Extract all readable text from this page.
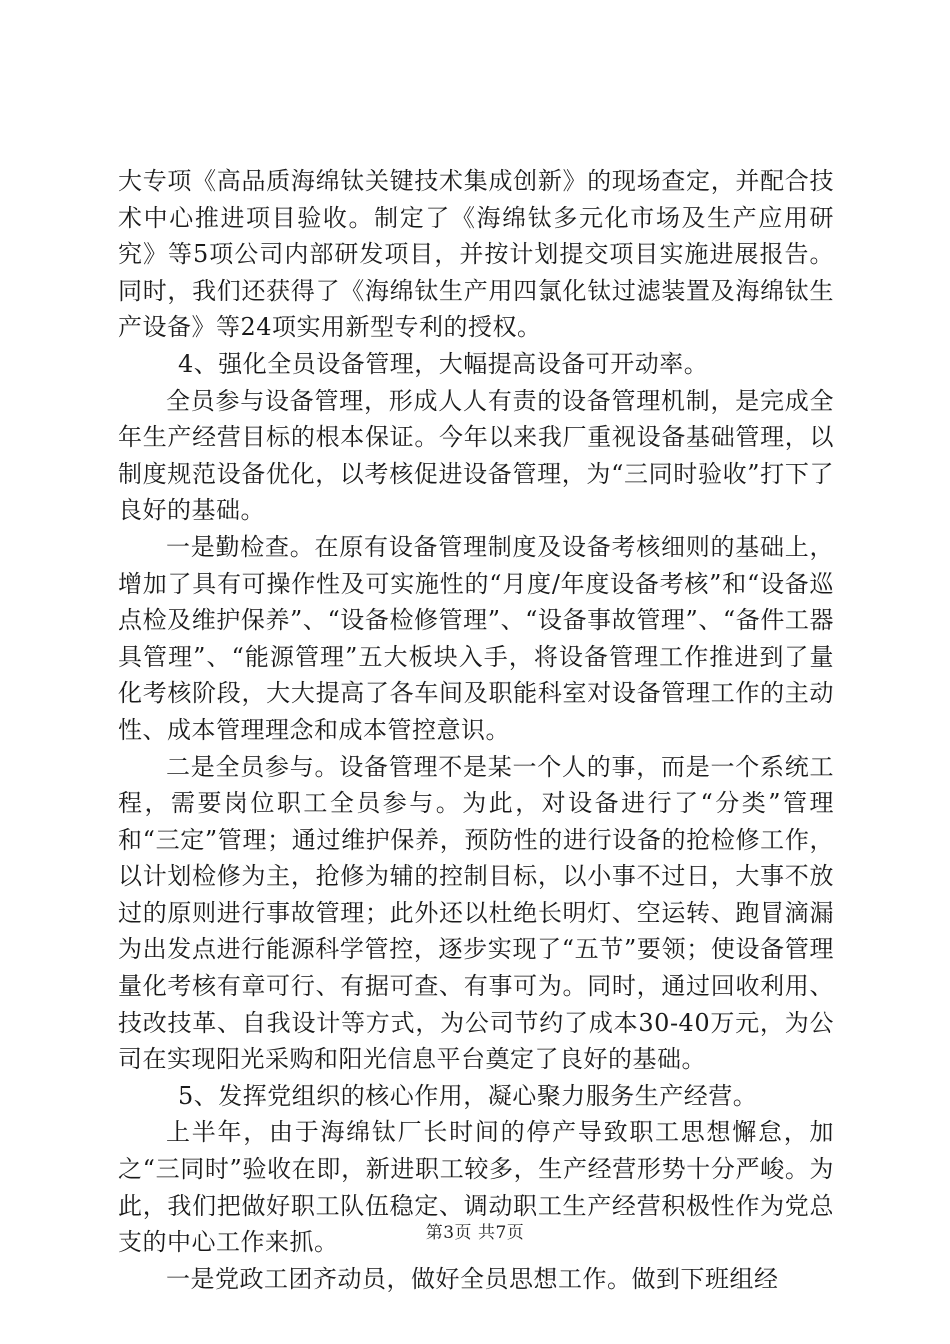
大专项《高品质海绵钛关键技术集成创新》的现场查定，并配合技术中心推进项目验收。制定了《海绵钛多元化市场及生产应用研究》等5项公司内部研发项目，并按计划提交项目实施进展报告。同时，我们还获得了《海绵钛生产用四氯化钛过滤装置及海绵钛生产设备》等24项实用新型专利的授权。

4、强化全员设备管理，大幅提高设备可开动率。

全员参与设备管理，形成人人有责的设备管理机制，是完成全年生产经营目标的根本保证。今年以来我厂重视设备基础管理，以制度规范设备优化，以考核促进设备管理，为“三同时验收”打下了良好的基础。

一是勤检查。在原有设备管理制度及设备考核细则的基础上，增加了具有可操作性及可实施性的“月度/年度设备考核”和“设备巡点检及维护保养”、“设备检修管理”、“设备事故管理”、“备件工器具管理”、“能源管理”五大板块入手，将设备管理工作推进到了量化考核阶段，大大提高了各车间及职能科室对设备管理工作的主动性、成本管理理念和成本管控意识。

二是全员参与。设备管理不是某一个人的事，而是一个系统工程，需要岗位职工全员参与。为此，对设备进行了“分类”管理和“三定”管理；通过维护保养，预防性的进行设备的抢检修工作，以计划检修为主，抢修为辅的控制目标，以小事不过日，大事不放过的原则进行事故管理；此外还以杜绝长明灯、空运转、跑冒滴漏为出发点进行能源科学管控，逐步实现了“五节”要领；使设备管理量化考核有章可行、有据可查、有事可为。同时，通过回收利用、技改技革、自我设计等方式，为公司节约了成本30-40万元，为公司在实现阳光采购和阳光信息平台奠定了良好的基础。

5、发挥党组织的核心作用，凝心聚力服务生产经营。

上半年，由于海绵钛厂长时间的停产导致职工思想懈怠，加之“三同时”验收在即，新进职工较多，生产经营形势十分严峻。为此，我们把做好职工队伍稳定、调动职工生产经营积极性作为党总支的中心工作来抓。

一是党政工团齐动员，做好全员思想工作。做到下班组经

第3页 共7页
